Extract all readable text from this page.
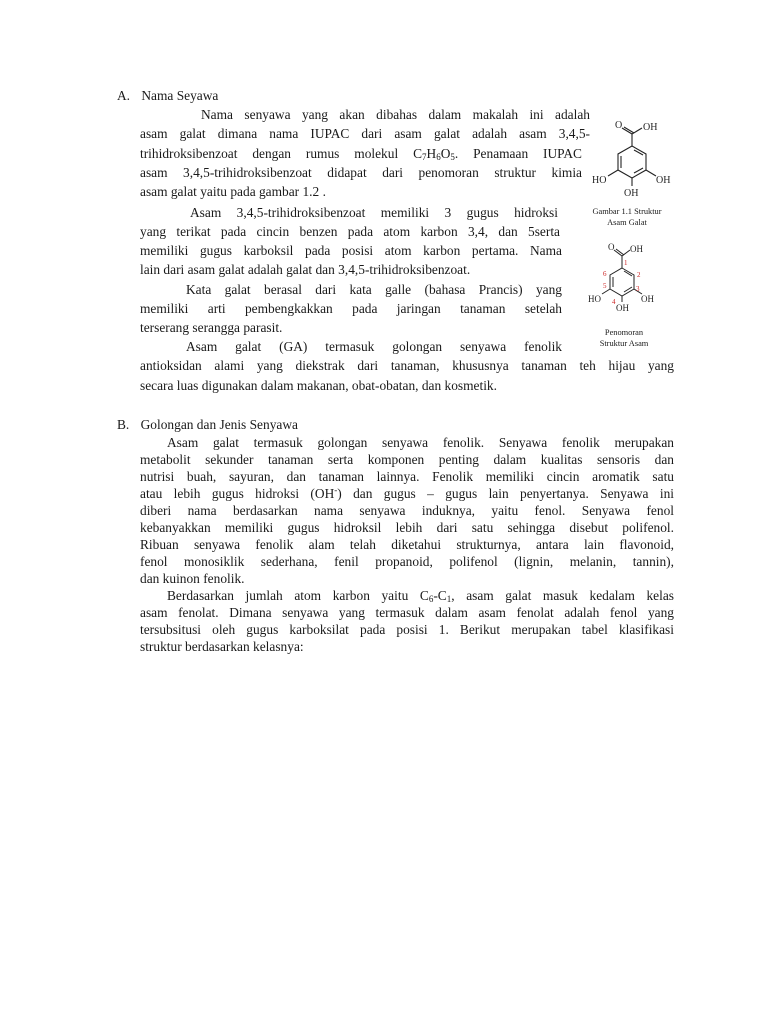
A. Nama Seyawa
Nama senyawa yang akan dibahas dalam makalah ini adalah
asam galat dimana nama IUPAC dari asam galat adalah asam 3,4,5-
trihidroksibenzoat dengan rumus molekul $C_7H_6O_5$. Penamaan IUPAC
asam 3,4,5-trihidroksibenzoat didapat dari penomoran struktur kimia
asam galat yaitu pada gambar 1.2 .
Asam 3,4,5-trihidroksibenzoat memiliki 3 gugus hidroksi
yang terikat pada cincin benzen pada atom karbon 3,4, dan 5serta
memiliki gugus karboksil pada posisi atom karbon pertama. Nama
lain dari asam galat adalah galat dan 3,4,5-trihidroksibenzoat.
Kata galat berasal dari kata galle (bahasa Prancis) yang
memiliki arti pembengkakkan pada jaringan tanaman setelah
terserang serangga parasit.
Asam galat (GA) termasuk golongan senyawa fenolik
antioksidan alami yang diekstrak dari tanaman, khususnya tanaman teh hijau yang
secara luas digunakan dalam makanan, obat-obatan, dan kosmetik.
O OH
HO	OH
OH
Gambar 1.1 Struktur
Asam Galat
O OH
HO	OH
OH
1
2
3
4
5
6
Penomoran
Struktur Asam
B. Golongan dan Jenis Senyawa
Asam galat termasuk golongan senyawa fenolik. Senyawa fenolik merupakan
metabolit sekunder tanaman serta komponen penting dalam kualitas sensoris dan
nutrisi buah, sayuran, dan tanaman lainnya. Fenolik memiliki cincin aromatik satu
atau lebih gugus hidroksi (OH-) dan gugus – gugus lain penyertanya. Senyawa ini
diberi nama berdasarkan nama senyawa induknya, yaitu fenol. Senyawa fenol
kebanyakkan memiliki gugus hidroksil lebih dari satu sehingga disebut polifenol.
Ribuan senyawa fenolik alam telah diketahui strukturnya, antara lain flavonoid,
fenol monosiklik sederhana, fenil propanoid, polifenol (lignin, melanin, tannin),
dan kuinon fenolik.
Berdasarkan jumlah atom karbon yaitu $C_6-C_1$, asam galat masuk kedalam kelas
asam fenolat. Dimana senyawa yang termasuk dalam asam fenolat adalah fenol yang
tersubsitusi oleh gugus karboksilat pada posisi 1. Berikut merupakan tabel klasifikasi
struktur berdasarkan kelasnya:
